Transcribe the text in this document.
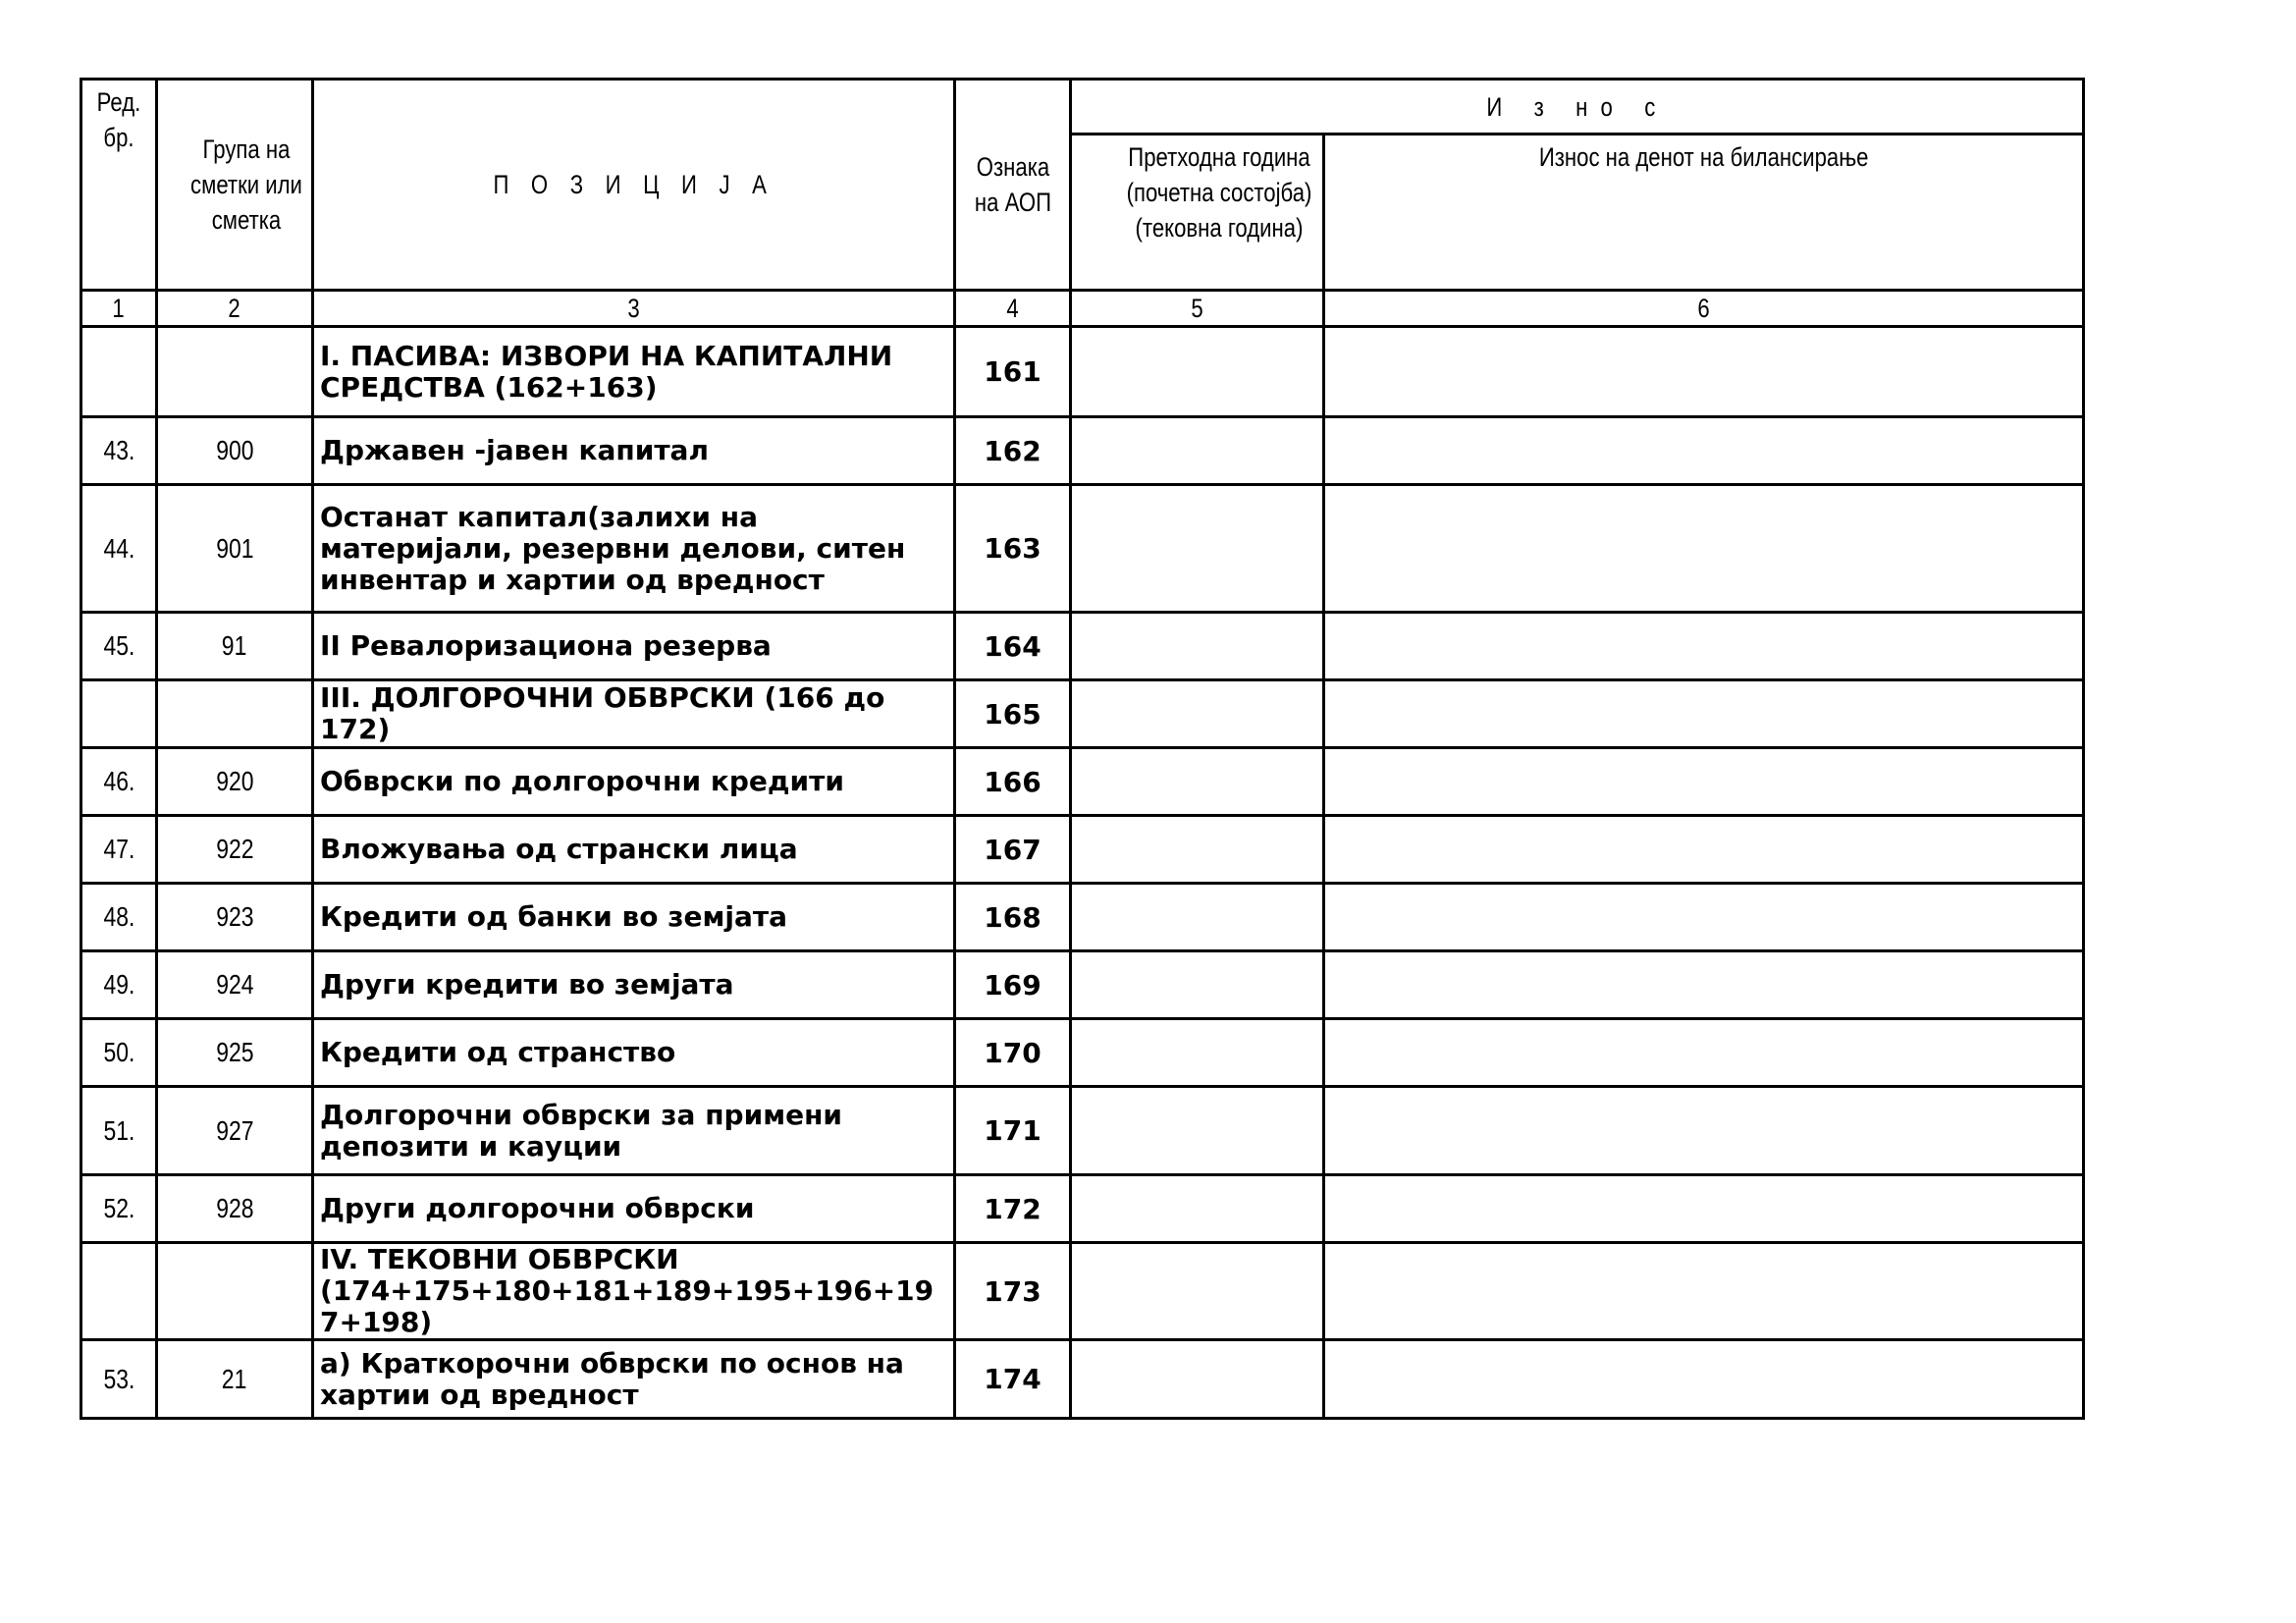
Ред. бр.	Група на сметки или сметка	П О З И Ц И Ј А	Ознака на АОП	И з но с	
				Претходна година (почетна состојба) (тековна година)	Износ на денот на билансирање
1	2	3	4	5	6
		I. ПАСИВА: ИЗВОРИ НА КАПИТАЛНИ СРЕДСТВА (162+163)	161		
43.	900	Државен -јавен капитал	162		
44.	901	Останат капитал(залихи на материјали, резервни делови, ситен инвентар и хартии од вредност	163		
45.	91	II Ревалоризациона резерва	164		
		III. ДОЛГОРОЧНИ ОБВРСКИ (166 до 172)	165		
46.	920	Обврски по долгорочни кредити	166		
47.	922	Вложувања од странски лица	167		
48.	923	Кредити од банки во земјата	168		
49.	924	Други кредити во земјата	169		
50.	925	Кредити од странство	170		
51.	927	Долгорочни обврски за примени депозити и кауции	171		
52.	928	Други долгорочни обврски	172		
		IV. ТЕКОВНИ ОБВРСКИ (174+175+180+181+189+195+196+197+198)	173		
53.	21	а) Краткорочни обврски по основ на хартии од вредност	174		
